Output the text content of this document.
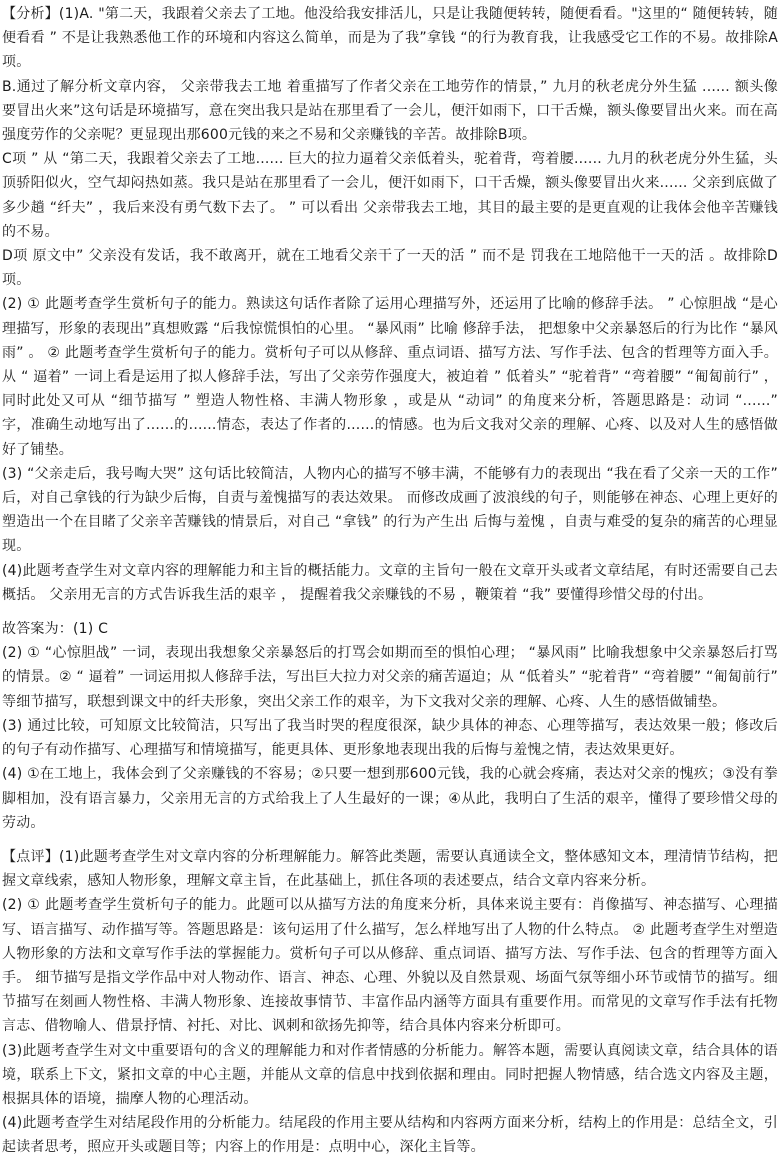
【分析】(1)A. "第二天，我跟着父亲去了工地。他没给我安排活儿，只是让我随便转转，随便看看。"这里的“ 随便转转，随便看看 ” 不是让我熟悉他工作的环境和内容这么简单，而是为了我”拿钱 “的行为教育我，让我感受它工作的不易。故排除A项。

B.通过了解分析文章内容， 父亲带我去工地 着重描写了作者父亲在工地劳作的情景，” 九月的秋老虎分外生猛 ...... 额头像要冒出火来”这句话是环境描写，意在突出我只是站在那里看了一会儿，便汗如雨下，口干舌燥，额头像要冒出火来。而在高强度劳作的父亲呢？更显现出那600元钱的来之不易和父亲赚钱的辛苦。故排除B项。

C项 ” 从 “第二天，我跟着父亲去了工地...... 巨大的拉力逼着父亲低着头，驼着背，弯着腰...... 九月的秋老虎分外生猛，头顶骄阳似火，空气却闷热如蒸。我只是站在那里看了一会儿，便汗如雨下，口干舌燥，额头像要冒出火来...... 父亲到底做了多少趟 “纤夫” ，我后来没有勇气数下去了。 ” 可以看出 父亲带我去工地，其目的最主要的是更直观的让我体会他辛苦赚钱的不易。

D项 原文中” 父亲没有发话，我不敢离开，就在工地看父亲干了一天的活 ” 而不是 罚我在工地陪他干一天的活 。故排除D项。

(2) ① 此题考查学生赏析句子的能力。熟读这句话作者除了运用心理描写外，还运用了比喻的修辞手法。 ” 心惊胆战 “是心理描写，形象的表现出”真想败露 “后我惊慌惧怕的心里。 “暴风雨” 比喻 修辞手法， 把想象中父亲暴怒后的行为比作 “暴风雨” 。 ② 此题考查学生赏析句子的能力。赏析句子可以从修辞、重点词语、描写方法、写作手法、包含的哲理等方面入手。 从 “ 逼着” 一词上看是运用了拟人修辞手法，写出了父亲劳作强度大，被迫着 ” 低着头” “驼着背” “弯着腰” “匍匐前行” ，同时此处又可从 “细节描写 ” 塑造人物性格、丰满人物形象 ，或是从 “动词” 的角度来分析，答题思路是：动词 “......” 字，准确生动地写出了......的......情态，表达了作者的......的情感。也为后文我对父亲的理解、心疼、以及对人生的感悟做好了铺垫。

(3) “父亲走后，我号啕大哭” 这句话比较简洁，人物内心的描写不够丰满，不能够有力的表现出 “我在看了父亲一天的工作” 后，对自己拿钱的行为缺少后悔，自责与羞愧描写的表达效果。 而修改成画了波浪线的句子，则能够在神态、心理上更好的塑造出一个在目睹了父亲辛苦赚钱的情景后，对自己 “拿钱” 的行为产生出 后悔与羞愧 ，自责与难受的复杂的痛苦的心理显现。

(4)此题考查学生对文章内容的理解能力和主旨的概括能力。文章的主旨句一般在文章开头或者文章结尾，有时还需要自己去概括。 父亲用无言的方式告诉我生活的艰辛 ， 提醒着我父亲赚钱的不易 ，鞭策着 “我” 要懂得珍惜父母的付出。

故答案为：(1) C

(2) ① “心惊胆战” 一词，表现出我想象父亲暴怒后的打骂会如期而至的惧怕心理； “暴风雨” 比喻我想象中父亲暴怒后打骂的情景。② “ 逼着” 一词运用拟人修辞手法，写出巨大拉力对父亲的痛苦逼迫；从 “低着头” “驼着背” “弯着腰” “匍匐前行” 等细节描写，联想到课文中的纤夫形象，突出父亲工作的艰辛，为下文我对父亲的理解、心疼、人生的感悟做铺垫。

(3) 通过比较，可知原文比较简洁，只写出了我当时哭的程度很深，缺少具体的神态、心理等描写，表达效果一般；修改后的句子有动作描写、心理描写和情境描写，能更具体、更形象地表现出我的后悔与羞愧之情，表达效果更好。

(4) ①在工地上，我体会到了父亲赚钱的不容易；②只要一想到那600元钱，我的心就会疼痛，表达对父亲的愧疚；③没有拳脚相加，没有语言暴力，父亲用无言的方式给我上了人生最好的一课；④从此，我明白了生活的艰辛，懂得了要珍惜父母的劳动。

【点评】(1)此题考查学生对文章内容的分析理解能力。解答此类题，需要认真通读全文，整体感知文本，理清情节结构，把握文章线索，感知人物形象，理解文章主旨，在此基础上，抓住各项的表述要点，结合文章内容来分析。

(2) ① 此题考查学生赏析句子的能力。此题可以从描写方法的角度来分析，具体来说主要有：肖像描写、神态描写、心理描写、语言描写、动作描写等。答题思路是：该句运用了什么描写，怎么样地写出了人物的什么特点。 ② 此题考查学生对塑造人物形象的方法和文章写作手法的掌握能力。赏析句子可以从修辞、重点词语、描写方法、写作手法、包含的哲理等方面入手。 细节描写是指文学作品中对人物动作、语言、神态、心理、外貌以及自然景观、场面气氛等细小环节或情节的描写。细节描写在刻画人物性格、丰满人物形象、连接故事情节、丰富作品内涵等方面具有重要作用。而常见的文章写作手法有托物言志、借物喻人、借景抒情、衬托、对比、讽刺和欲扬先抑等，结合具体内容来分析即可。

(3)此题考查学生对文中重要语句的含义的理解能力和对作者情感的分析能力。解答本题，需要认真阅读文章，结合具体的语境，联系上下文，紧扣文章的中心主题，并能从文章的信息中找到依据和理由。同时把握人物情感，结合选文内容及主题，根据具体的语境，揣摩人物的心理活动。

(4)此题考查学生对结尾段作用的分析能力。结尾段的作用主要从结构和内容两方面来分析，结构上的作用是：总结全文，引起读者思考，照应开头或题目等；内容上的作用是：点明中心，深化主旨等。
